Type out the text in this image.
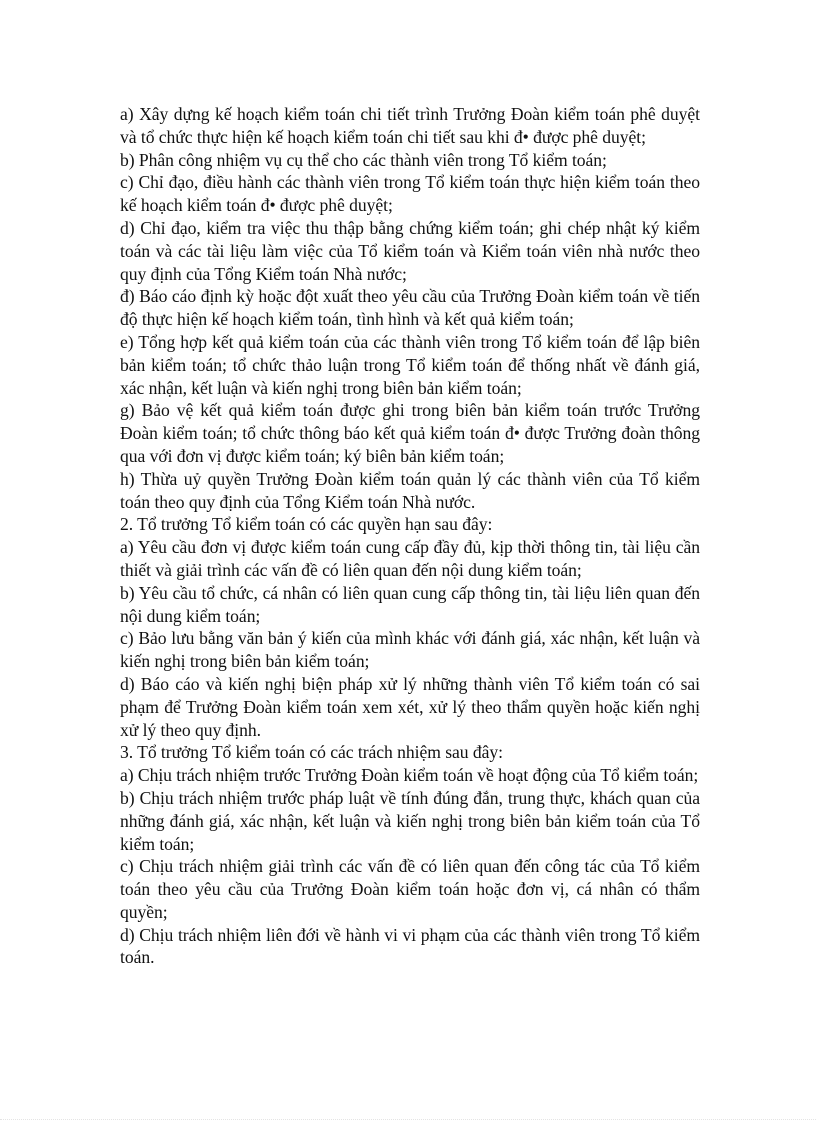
a) Xây dựng kế hoạch kiểm toán chi tiết trình Trưởng Đoàn kiểm toán phê duyệt và tổ chức thực hiện kế hoạch kiểm toán chi tiết sau khi đ• được phê duyệt;

b) Phân công nhiệm vụ cụ thể cho các thành viên trong Tổ kiểm toán;

c) Chỉ đạo, điều hành các thành viên trong Tổ kiểm toán thực hiện kiểm toán theo kế hoạch kiểm toán đ• được phê duyệt;

d) Chỉ đạo, kiểm tra việc thu thập bằng chứng kiểm toán; ghi chép nhật ký kiểm toán và các tài liệu làm việc của Tổ kiểm toán và Kiểm toán viên nhà nước theo quy định của Tổng Kiểm toán Nhà nước;

đ) Báo cáo định kỳ hoặc đột xuất theo yêu cầu của Trưởng Đoàn kiểm toán về tiến độ thực hiện kế hoạch kiểm toán, tình hình và kết quả kiểm toán;

e) Tổng hợp kết quả kiểm toán của các thành viên trong Tổ kiểm toán để lập biên bản kiểm toán; tổ chức thảo luận trong Tổ kiểm toán để thống nhất về đánh giá, xác nhận, kết luận và kiến nghị trong biên bản kiểm toán;

g) Bảo vệ kết quả kiểm toán được ghi trong biên bản kiểm toán trước Trưởng Đoàn kiểm toán; tổ chức thông báo kết quả kiểm toán đ• được Trưởng đoàn thông qua với đơn vị được kiểm toán; ký biên bản kiểm toán;

h) Thừa uỷ quyền Trưởng Đoàn kiểm toán quản lý các thành viên của Tổ kiểm toán theo quy định của Tổng Kiểm toán Nhà nước.

2. Tổ trưởng Tổ kiểm toán có các quyền hạn sau đây:

a) Yêu cầu đơn vị được kiểm toán cung cấp đầy đủ, kịp thời thông tin, tài liệu cần thiết và giải trình các vấn đề có liên quan đến nội dung kiểm toán;

b) Yêu cầu tổ chức, cá nhân có liên quan cung cấp thông tin, tài liệu liên quan đến nội dung kiểm toán;

c) Bảo lưu bằng văn bản ý kiến của mình khác với đánh giá, xác nhận, kết luận và kiến nghị trong biên bản kiểm toán;

d) Báo cáo và kiến nghị biện pháp xử lý những thành viên Tổ kiểm toán có sai phạm để Trưởng Đoàn kiểm toán xem xét, xử lý theo thẩm quyền hoặc kiến nghị xử lý theo quy định.

3. Tổ trưởng Tổ kiểm toán có các trách nhiệm sau đây:

a) Chịu trách nhiệm trước Trưởng Đoàn kiểm toán về hoạt động của Tổ kiểm toán;

b) Chịu trách nhiệm trước pháp luật về tính đúng đắn, trung thực, khách quan của những đánh giá, xác nhận, kết luận và kiến nghị trong biên bản kiểm toán của Tổ kiểm toán;

c) Chịu trách nhiệm giải trình các vấn đề có liên quan đến công tác của Tổ kiểm toán theo yêu cầu của Trưởng Đoàn kiểm toán hoặc đơn vị, cá nhân có thẩm quyền;

d) Chịu trách nhiệm liên đới về hành vi vi phạm của các thành viên trong Tổ kiểm toán.
